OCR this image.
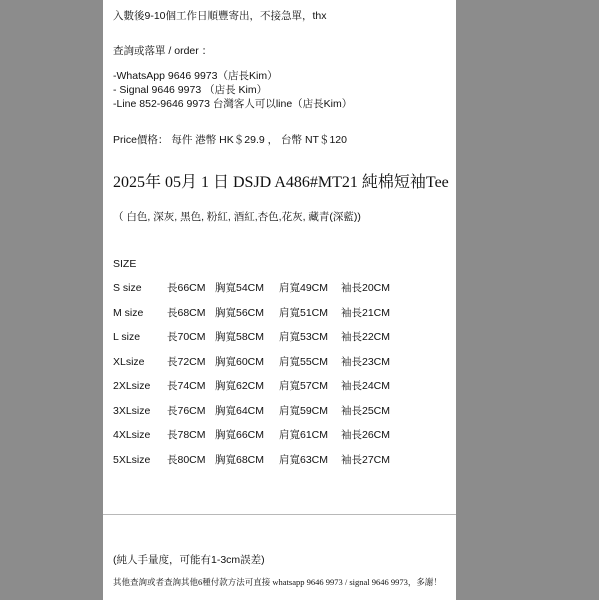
入數後9-10個工作日順豐寄出，不接急單，thx
查詢或落單 / order ：
-WhatsApp 9646 9973（店長Kim）
- Signal 9646 9973 （店長 Kim）
-Line 852-9646 9973 台灣客人可以line（店長Kim）
Price價格： 每件 港幣 HK＄29.9 ， 台幣 NT＄120
2025年 05月 1 日 DSJD A486#MT21 純棉短袖Tee
（ 白色, 深灰, 黑色, 粉紅, 酒紅,杏色,花灰, 藏青(深藍))
SIZE
S size 長66CM 胸寬54CM 肩寬49CM 袖長20CM
M size 長68CM 胸寬56CM 肩寬51CM 袖長21CM
L size	長70CM 胸寬58CM 肩寬53CM 袖長22CM
XLsize 長72CM 胸寬60CM 肩寬55CM 袖長23CM
2XLsize 長74CM 胸寬62CM 肩寬57CM 袖長24CM
3XLsize 長76CM 胸寬64CM 肩寬59CM 袖長25CM
4XLsize 長78CM 胸寬66CM 肩寬61CM 袖長26CM
5XLsize 長80CM 胸寬68CM 肩寬63CM 袖長27CM
(純人手量度，可能有1-3cm誤差)
其他查詢或者查詢其他6種付款方法可直接 whatsapp 9646 9973 / signal 9646 9973，多謝！
